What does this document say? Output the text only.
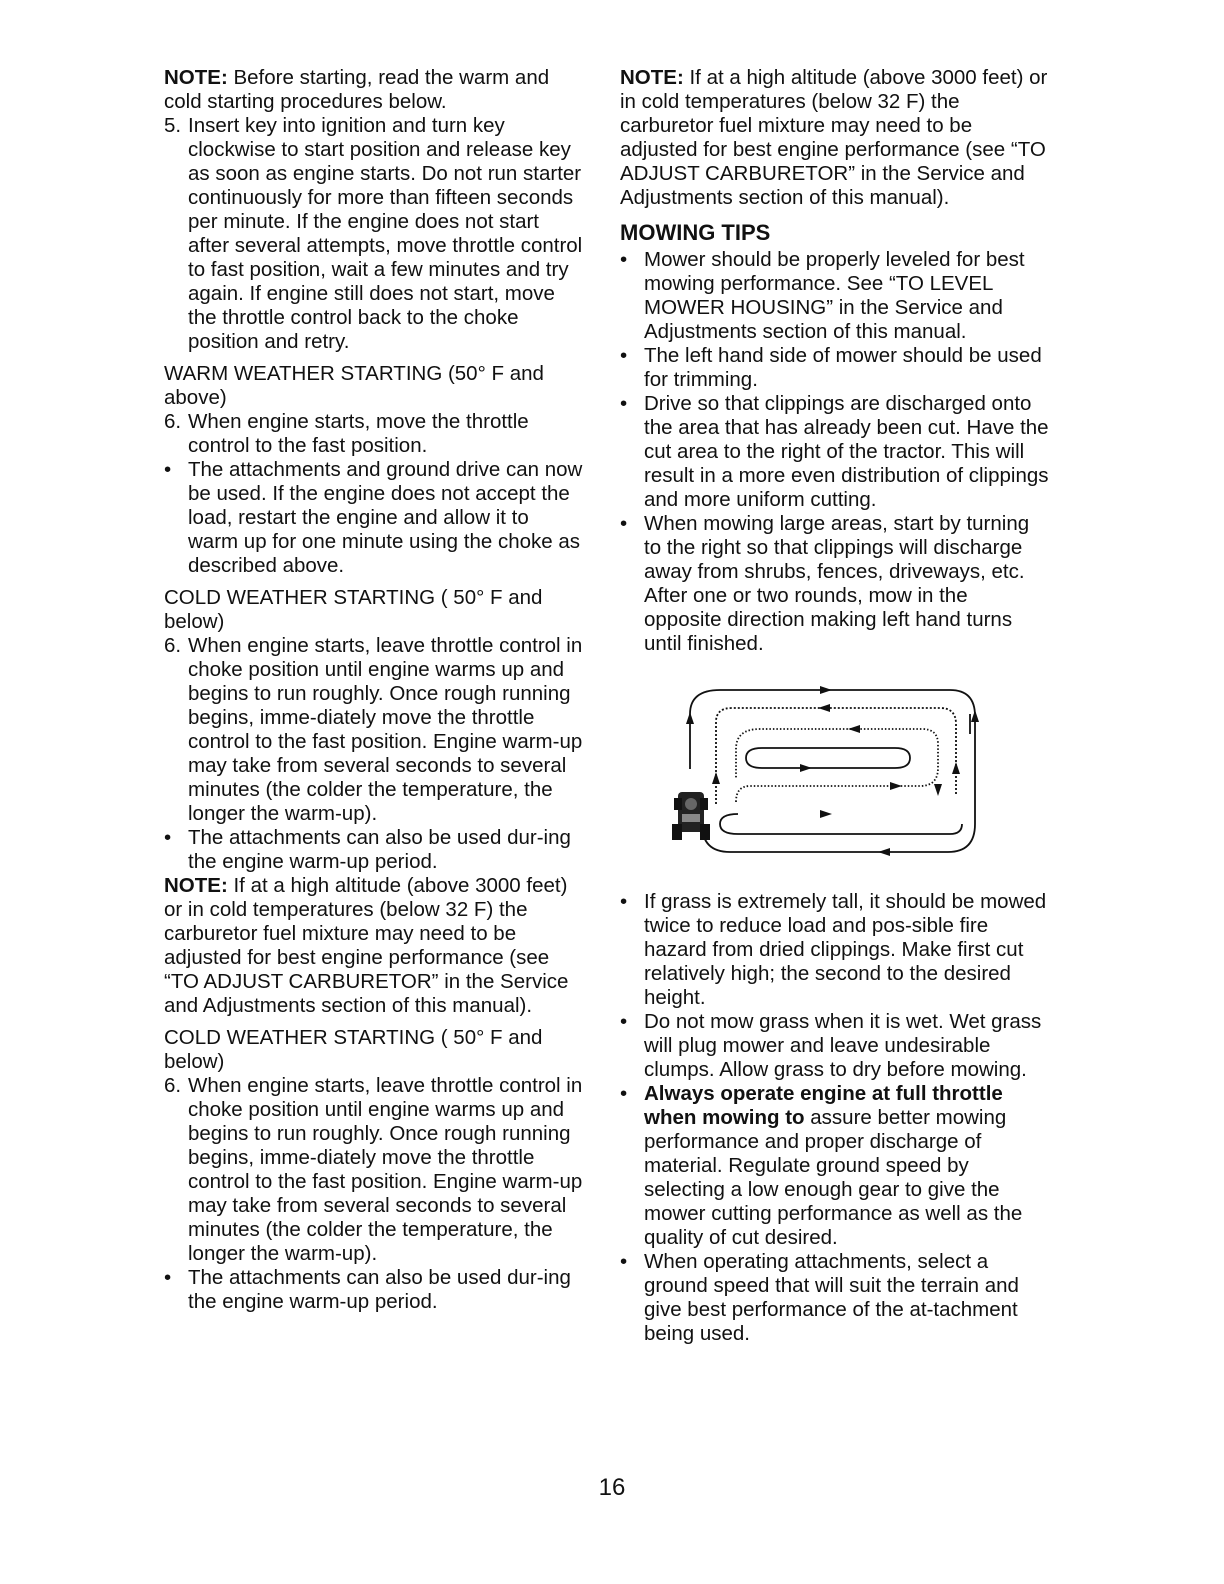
NOTE: Before starting, read the warm and cold starting procedures below.

5. Insert key into ignition and turn key clockwise to start position and release key as soon as engine starts. Do not run starter continuously for more than fifteen seconds per minute. If the engine does not start after several attempts, move throttle control to fast position, wait a few minutes and try again. If engine still does not start, move the throttle control back to the choke position and retry.

WARM WEATHER STARTING (50° F and above)

6. When engine starts, move the throttle control to the fast position.
• The attachments and ground drive can now be used. If the engine does not accept the load, restart the engine and allow it to warm up for one minute using the choke as described above.

COLD WEATHER STARTING ( 50° F and below)

6. When engine starts, leave throttle control in choke position until engine warms up and begins to run roughly. Once rough running begins, imme-diately move the throttle control to the fast position. Engine warm-up may take from several seconds to several minutes (the colder the temperature, the longer the warm-up).
• The attachments can also be used dur-ing the engine warm-up period.

NOTE: If at a high altitude (above 3000 feet) or in cold temperatures (below 32 F) the carburetor fuel mixture may need to be adjusted for best engine performance (see “TO ADJUST CARBURETOR” in the Service and Adjustments section of this manual).

COLD WEATHER STARTING ( 50° F and below)

6. When engine starts, leave throttle control in choke position until engine warms up and begins to run roughly. Once rough running begins, imme-diately move the throttle control to the fast position. Engine warm-up may take from several seconds to several minutes (the colder the temperature, the longer the warm-up).
• The attachments can also be used dur-ing the engine warm-up period.

NOTE: If at a high altitude (above 3000 feet) or in cold temperatures (below 32 F) the carburetor fuel mixture may need to be adjusted for best engine performance (see “TO ADJUST CARBURETOR” in the Service and Adjustments section of this manual).

MOWING TIPS
• Mower should be properly leveled for best mowing performance. See “TO LEVEL MOWER HOUSING” in the Service and Adjustments section of this manual.
• The left hand side of mower should be used for trimming.
• Drive so that clippings are discharged onto the area that has already been cut. Have the cut area to the right of the tractor. This will result in a more even distribution of clippings and more uniform cutting.
• When mowing large areas, start by turning to the right so that clippings will discharge away from shrubs, fences, driveways, etc. After one or two rounds, mow in the opposite direction making left hand turns until finished.
• If grass is extremely tall, it should be mowed twice to reduce load and pos-sible fire hazard from dried clippings. Make first cut relatively high; the second to the desired height.
• Do not mow grass when it is wet. Wet grass will plug mower and leave undesirable clumps. Allow grass to dry before mowing.
• Always operate engine at full throttle when mowing to assure better mowing performance and proper discharge of material. Regulate ground speed by selecting a low enough gear to give the mower cutting performance as well as the quality of cut desired.
• When operating attachments, select a ground speed that will suit the terrain and give best performance of the at-tachment being used.
16
